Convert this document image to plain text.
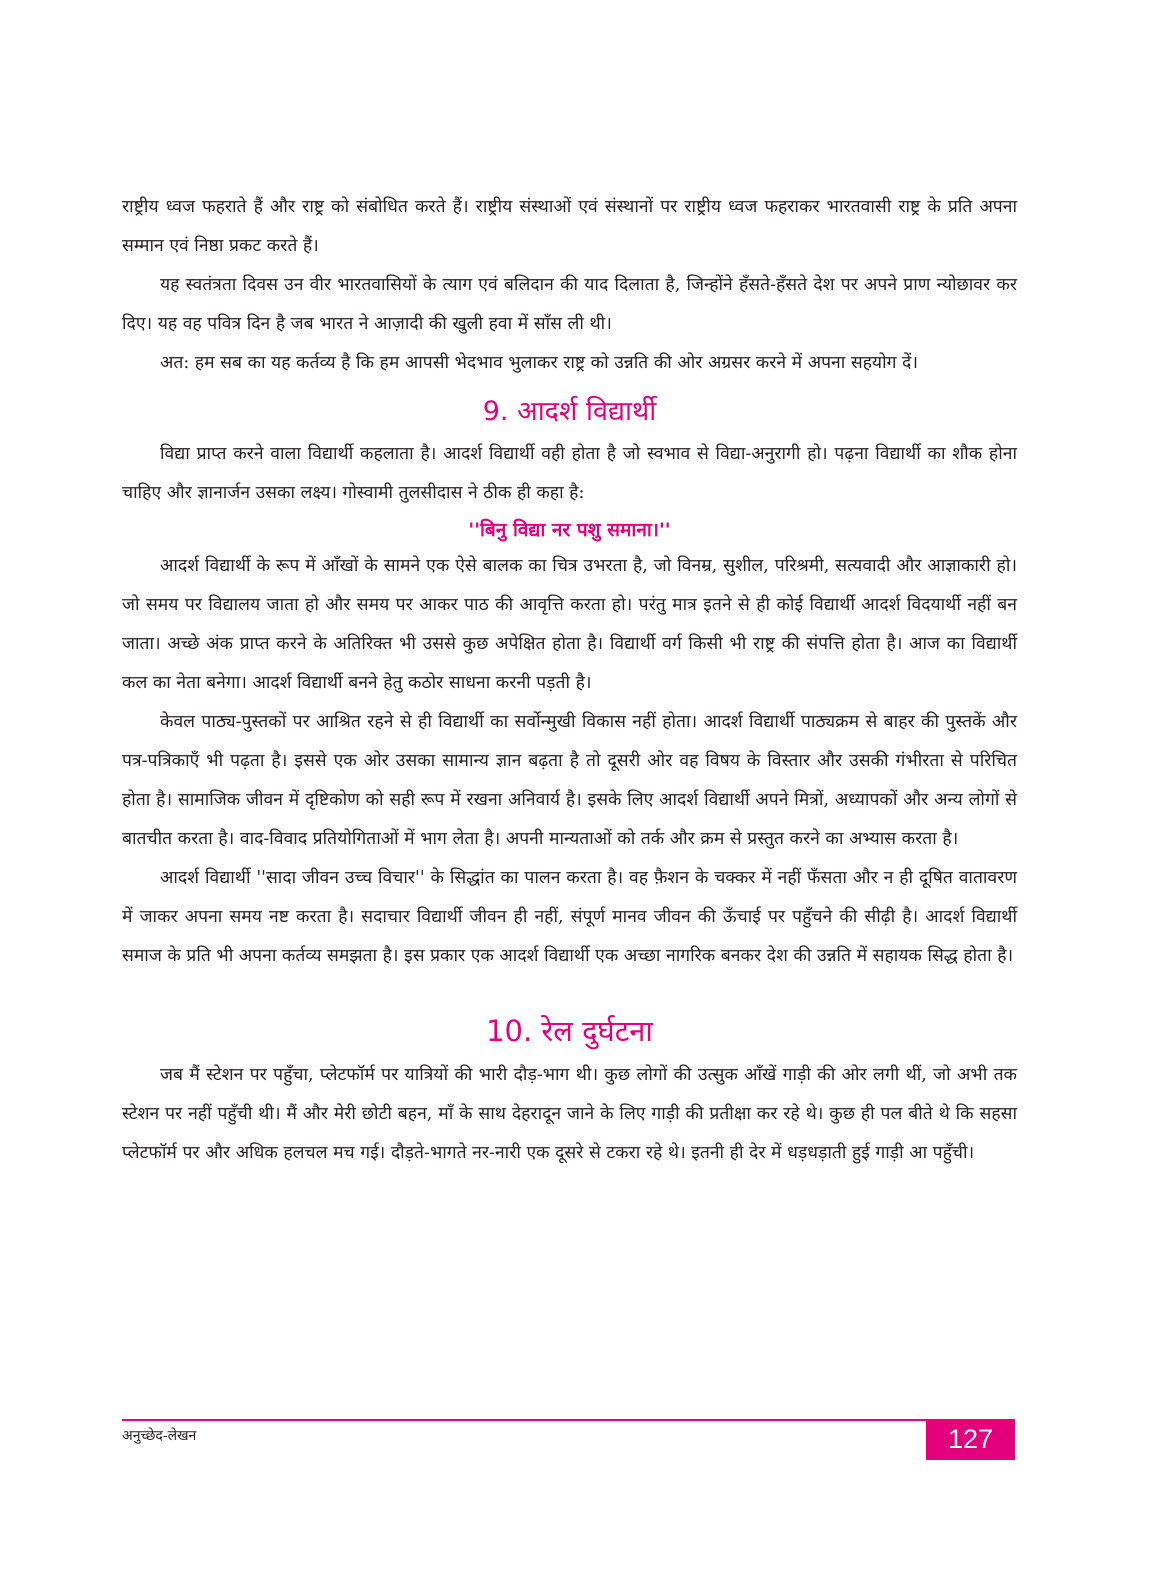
राष्ट्रीय ध्वज फहराते हैं और राष्ट्र को संबोधित करते हैं। राष्ट्रीय संस्थाओं एवं संस्थानों पर राष्ट्रीय ध्वज फहराकर भारतवासी राष्ट्र के प्रति अपना सम्मान एवं निष्ठा प्रकट करते हैं।

यह स्वतंत्रता दिवस उन वीर भारतवासियों के त्याग एवं बलिदान की याद दिलाता है, जिन्होंने हँसते-हँसते देश पर अपने प्राण न्योछावर कर दिए। यह वह पवित्र दिन है जब भारत ने आज़ादी की खुली हवा में साँस ली थी।

अत: हम सब का यह कर्तव्य है कि हम आपसी भेदभाव भुलाकर राष्ट्र को उन्नति की ओर अग्रसर करने में अपना सहयोग दें।

9. आदर्श विद्यार्थी

विद्या प्राप्त करने वाला विद्यार्थी कहलाता है। आदर्श विद्यार्थी वही होता है जो स्वभाव से विद्या-अनुरागी हो। पढ़ना विद्यार्थी का शौक होना चाहिए और ज्ञानार्जन उसका लक्ष्य। गोस्वामी तुलसीदास ने ठीक ही कहा है:

''बिनु विद्या नर पशु समाना।''

आदर्श विद्यार्थी के रूप में आँखों के सामने एक ऐसे बालक का चित्र उभरता है, जो विनम्र, सुशील, परिश्रमी, सत्यवादी और आज्ञाकारी हो। जो समय पर विद्यालय जाता हो और समय पर आकर पाठ की आवृत्ति करता हो। परंतु मात्र इतने से ही कोई विद्यार्थी आदर्श विदयार्थी नहीं बन जाता। अच्छे अंक प्राप्त करने के अतिरिक्त भी उससे कुछ अपेक्षित होता है। विद्यार्थी वर्ग किसी भी राष्ट्र की संपत्ति होता है। आज का विद्यार्थी कल का नेता बनेगा। आदर्श विद्यार्थी बनने हेतु कठोर साधना करनी पड़ती है।

केवल पाठ्य-पुस्तकों पर आश्रित रहने से ही विद्यार्थी का सर्वोन्मुखी विकास नहीं होता। आदर्श विद्यार्थी पाठ्यक्रम से बाहर की पुस्तकें और पत्र-पत्रिकाएँ भी पढ़ता है। इससे एक ओर उसका सामान्य ज्ञान बढ़ता है तो दूसरी ओर वह विषय के विस्तार और उसकी गंभीरता से परिचित होता है। सामाजिक जीवन में दृष्टिकोण को सही रूप में रखना अनिवार्य है। इसके लिए आदर्श विद्यार्थी अपने मित्रों, अध्यापकों और अन्य लोगों से बातचीत करता है। वाद-विवाद प्रतियोगिताओं में भाग लेता है। अपनी मान्यताओं को तर्क और क्रम से प्रस्तुत करने का अभ्यास करता है।

आदर्श विद्यार्थी ''सादा जीवन उच्च विचार'' के सिद्धांत का पालन करता है। वह फ़ैशन के चक्कर में नहीं फँसता और न ही दूषित वातावरण में जाकर अपना समय नष्ट करता है। सदाचार विद्यार्थी जीवन ही नहीं, संपूर्ण मानव जीवन की ऊँचाई पर पहुँचने की सीढ़ी है। आदर्श विद्यार्थी समाज के प्रति भी अपना कर्तव्य समझता है। इस प्रकार एक आदर्श विद्यार्थी एक अच्छा नागरिक बनकर देश की उन्नति में सहायक सिद्ध होता है।

10. रेल दुर्घटना

जब मैं स्टेशन पर पहुँचा, प्लेटफॉर्म पर यात्रियों की भारी दौड़-भाग थी। कुछ लोगों की उत्सुक आँखें गाड़ी की ओर लगी थीं, जो अभी तक स्टेशन पर नहीं पहुँची थी। मैं और मेरी छोटी बहन, माँ के साथ देहरादून जाने के लिए गाड़ी की प्रतीक्षा कर रहे थे। कुछ ही पल बीते थे कि सहसा प्लेटफॉर्म पर और अधिक हलचल मच गई। दौड़ते-भागते नर-नारी एक दूसरे से टकरा रहे थे। इतनी ही देर में धड़धड़ाती हुई गाड़ी आ पहुँची।

अनुच्छेद-लेखन	127
